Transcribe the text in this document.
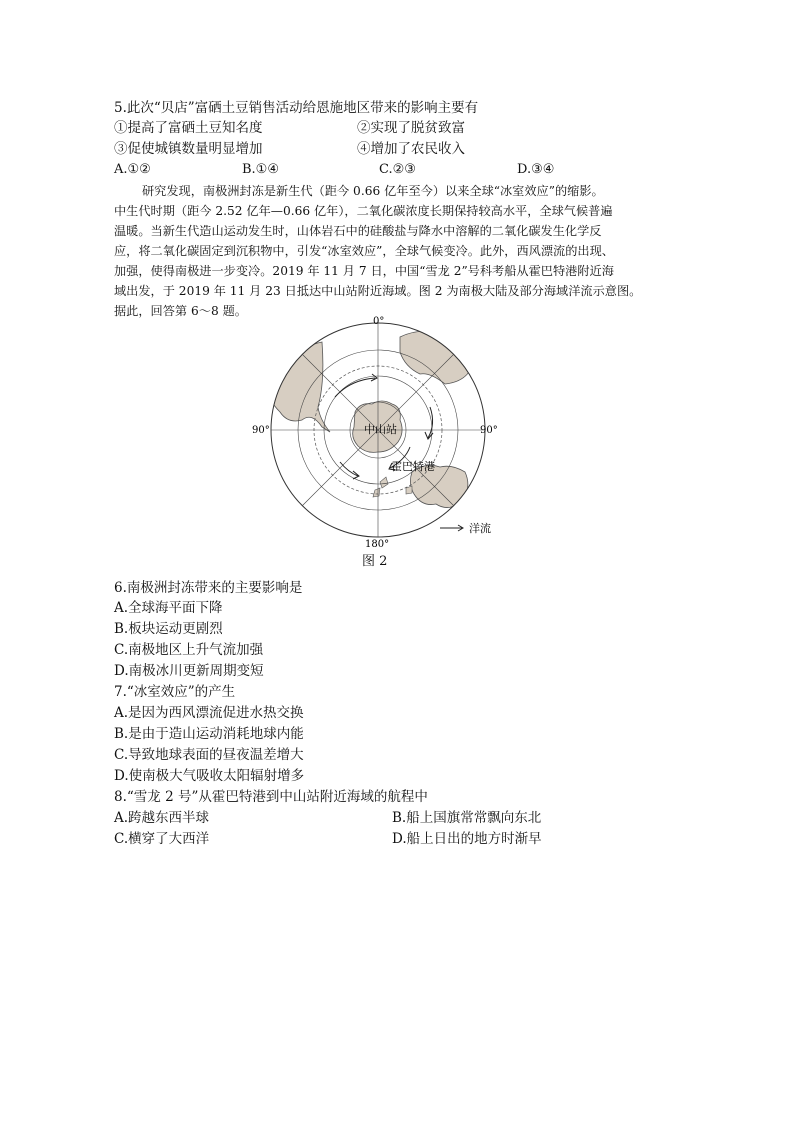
5.此次“贝店”富硒土豆销售活动给恩施地区带来的影响主要有
①提高了富硒土豆知名度	②实现了脱贫致富
③促使城镇数量明显增加	④增加了农民收入
A.①②	B.①④	C.②③	D.③④
研究发现，南极洲封冻是新生代（距今 0.66 亿年至今）以来全球“冰室效应”的缩影。
中生代时期（距今 2.52 亿年—0.66 亿年），二氧化碳浓度长期保持较高水平，全球气候普遍
温暖。当新生代造山运动发生时，山体岩石中的硅酸盐与降水中溶解的二氧化碳发生化学反
应，将二氧化碳固定到沉积物中，引发“冰室效应”，全球气候变冷。此外，西风漂流的出现、
加强，使得南极进一步变冷。2019 年 11 月 7 日，中国“雪龙 2”号科考船从霍巴特港附近海
域出发，于 2019 年 11 月 23 日抵达中山站附近海域。图 2 为南极大陆及部分海域洋流示意图。
据此，回答第 6～8 题。
0°
90°	90°
180°
中山站
霍巴特港
洋流
图 2
6.南极洲封冻带来的主要影响是
A.全球海平面下降
B.板块运动更剧烈
C.南极地区上升气流加强
D.南极冰川更新周期变短
7.“冰室效应”的产生
A.是因为西风漂流促进水热交换
B.是由于造山运动消耗地球内能
C.导致地球表面的昼夜温差增大
D.使南极大气吸收太阳辐射增多
8.“雪龙 2 号”从霍巴特港到中山站附近海域的航程中
A.跨越东西半球	B.船上国旗常常飘向东北
C.横穿了大西洋	D.船上日出的地方时渐早
